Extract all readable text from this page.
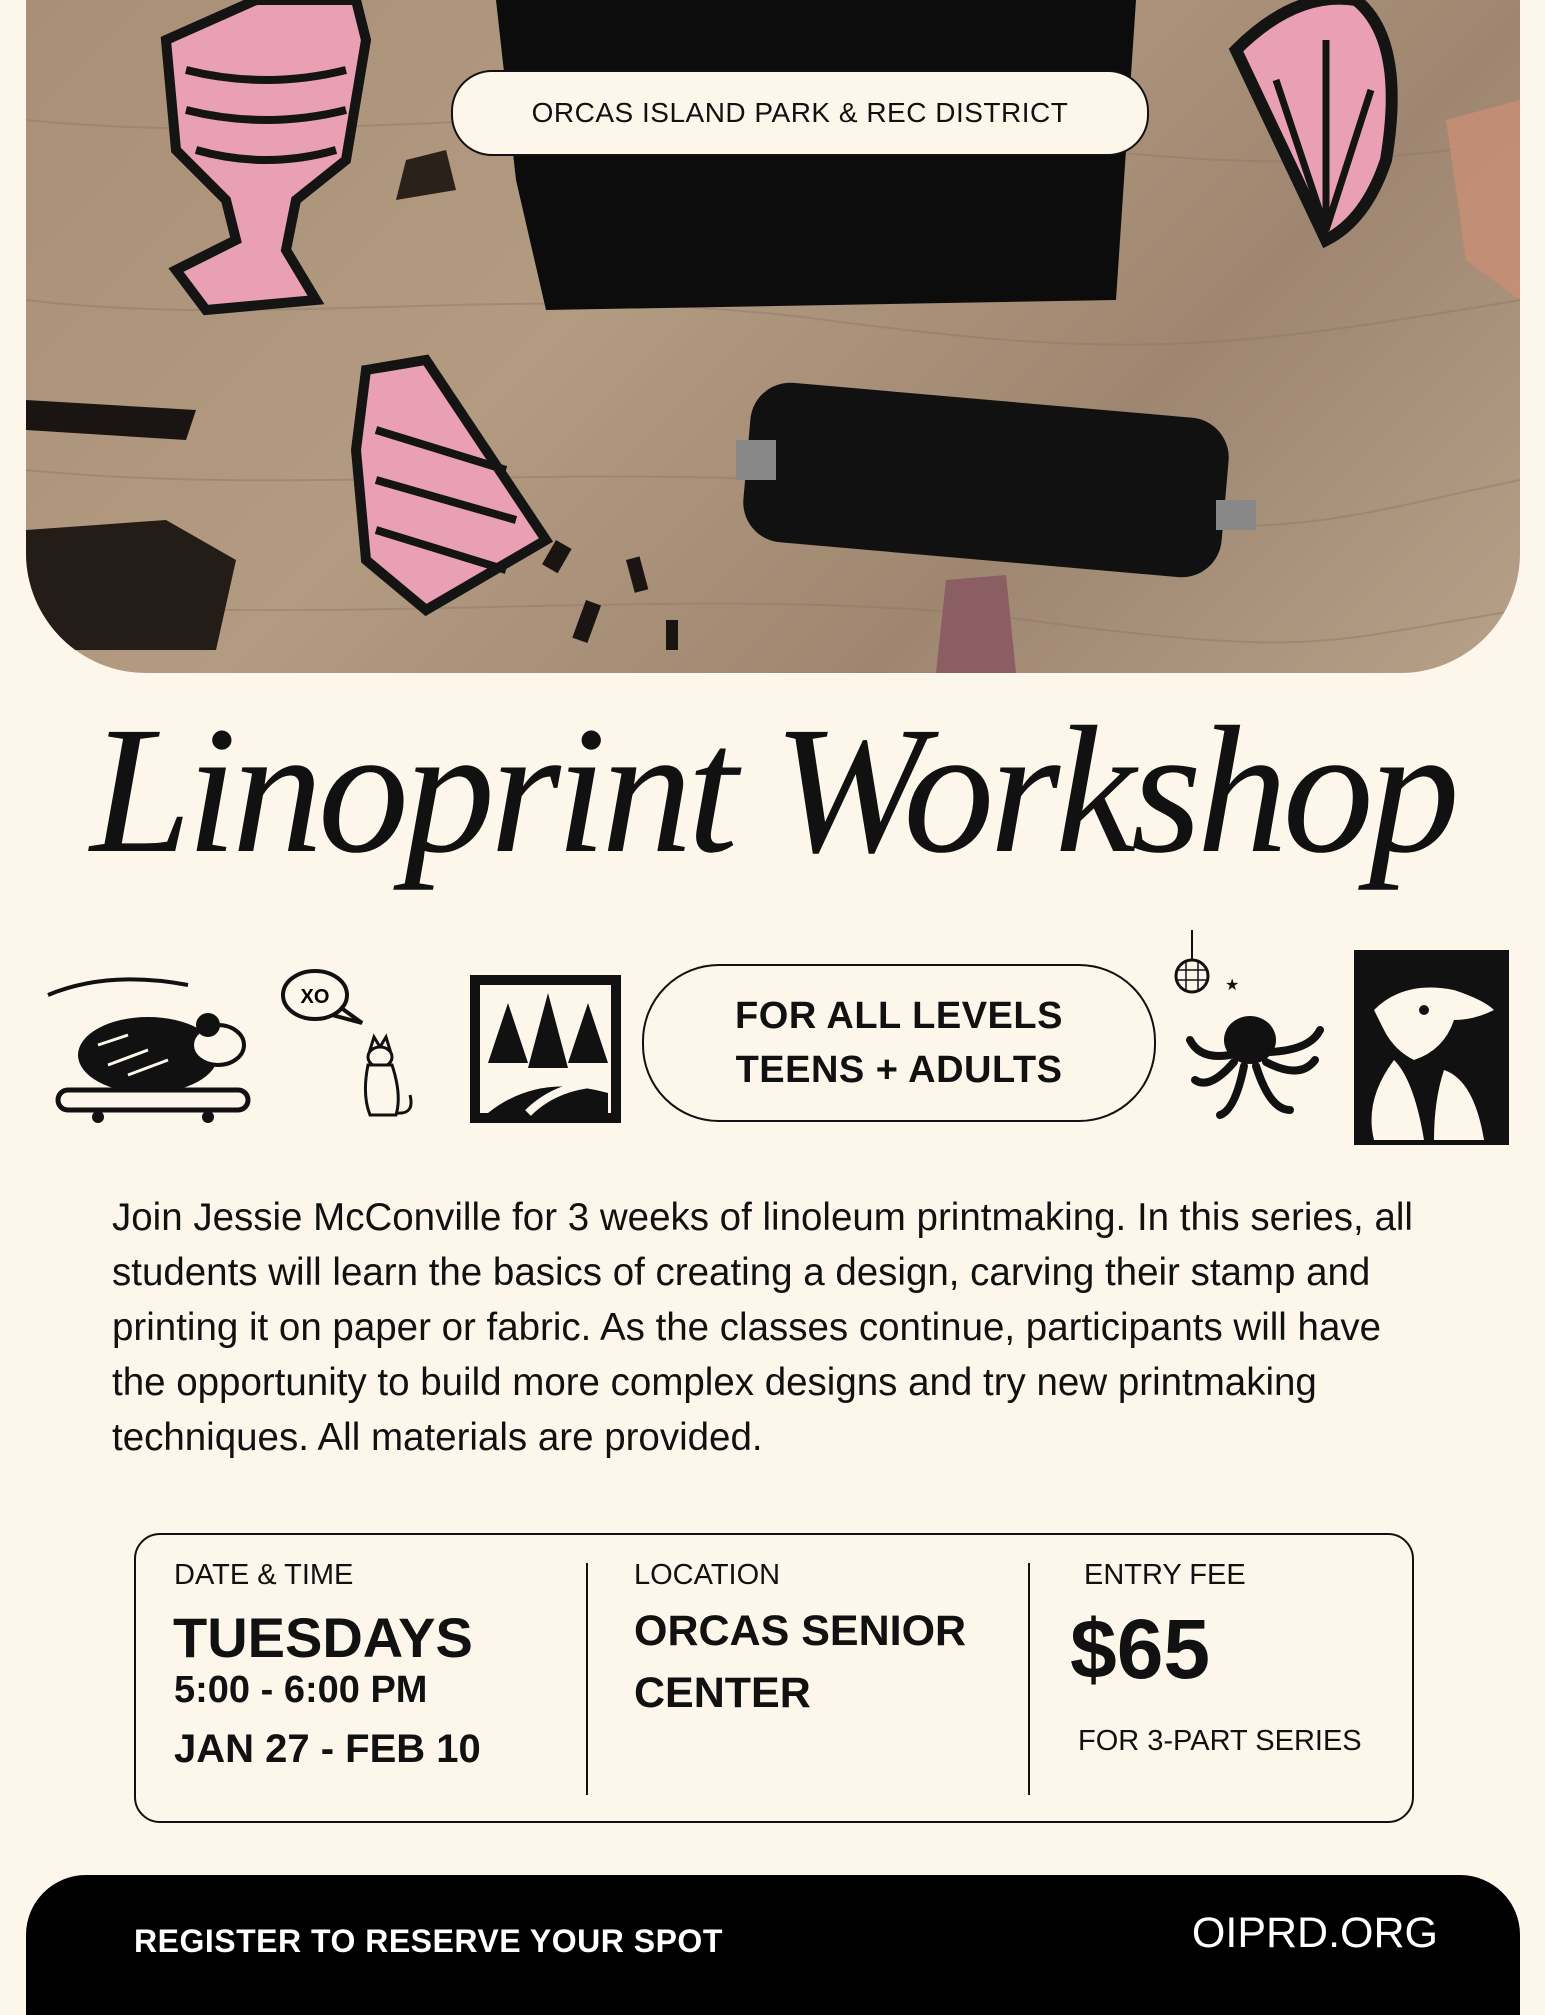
ORCAS ISLAND PARK & REC DISTRICT
Linoprint Workshop
XO
★
FOR ALL LEVELS
TEENS + ADULTS
Join Jessie McConville for 3 weeks of linoleum printmaking. In this series, all students will learn the basics of creating a design, carving their stamp and printing it on paper or fabric. As the classes continue, participants will have the opportunity to build more complex designs and try new printmaking techniques. All materials are provided.
DATE & TIME
TUESDAYS
5:00 - 6:00 PM
JAN 27 - FEB 10
LOCATION
ORCAS SENIOR
CENTER
ENTRY FEE
$65
FOR 3-PART SERIES
REGISTER TO RESERVE YOUR SPOT	OIPRD.ORG
